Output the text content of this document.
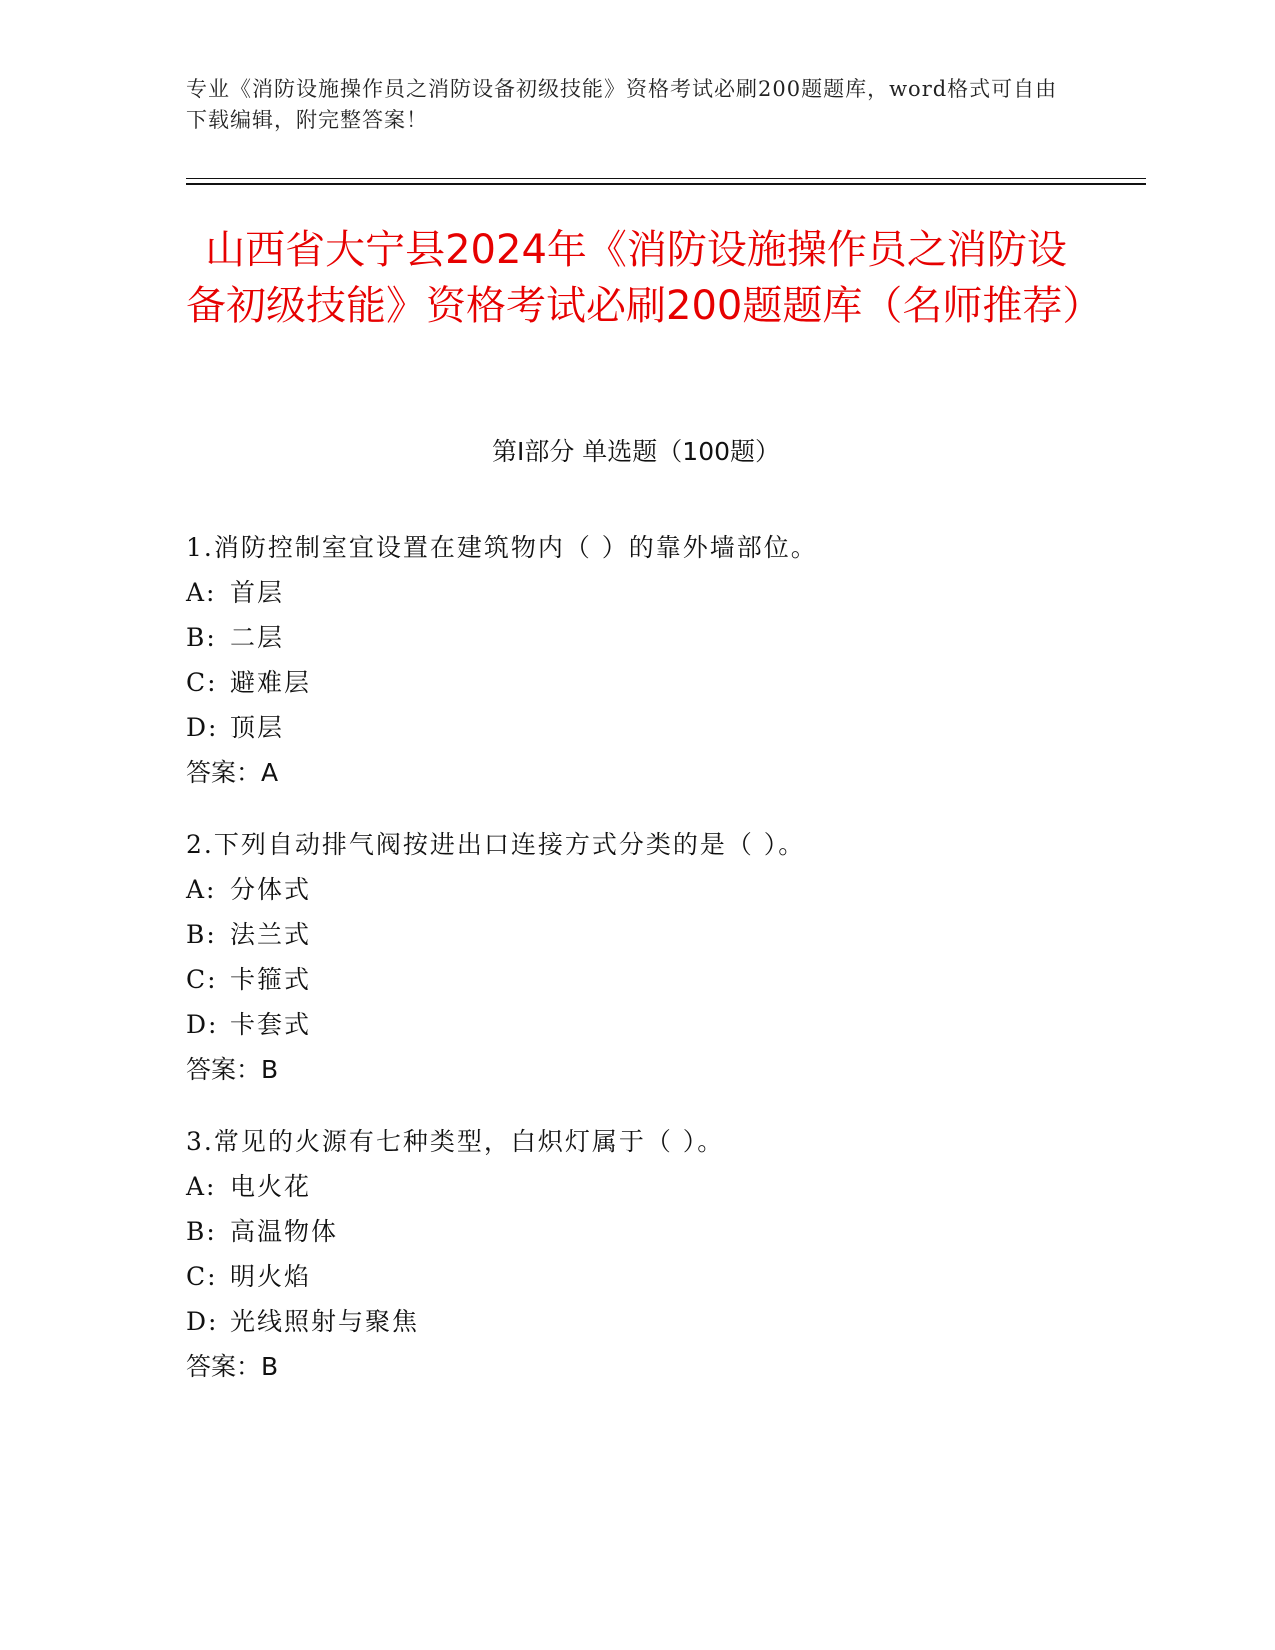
专业《消防设施操作员之消防设备初级技能》资格考试必刷200题题库，word格式可自由下载编辑，附完整答案！
山西省大宁县2024年《消防设施操作员之消防设备初级技能》资格考试必刷200题题库（名师推荐）
第I部分 单选题（100题）
1.消防控制室宜设置在建筑物内（ ）的靠外墙部位。
A: 首层
B: 二层
C: 避难层
D: 顶层
答案：A
2.下列自动排气阀按进出口连接方式分类的是（ ）。
A: 分体式
B: 法兰式
C: 卡箍式
D: 卡套式
答案：B
3.常见的火源有七种类型，白炽灯属于（ ）。
A: 电火花
B: 高温物体
C: 明火焰
D: 光线照射与聚焦
答案：B
